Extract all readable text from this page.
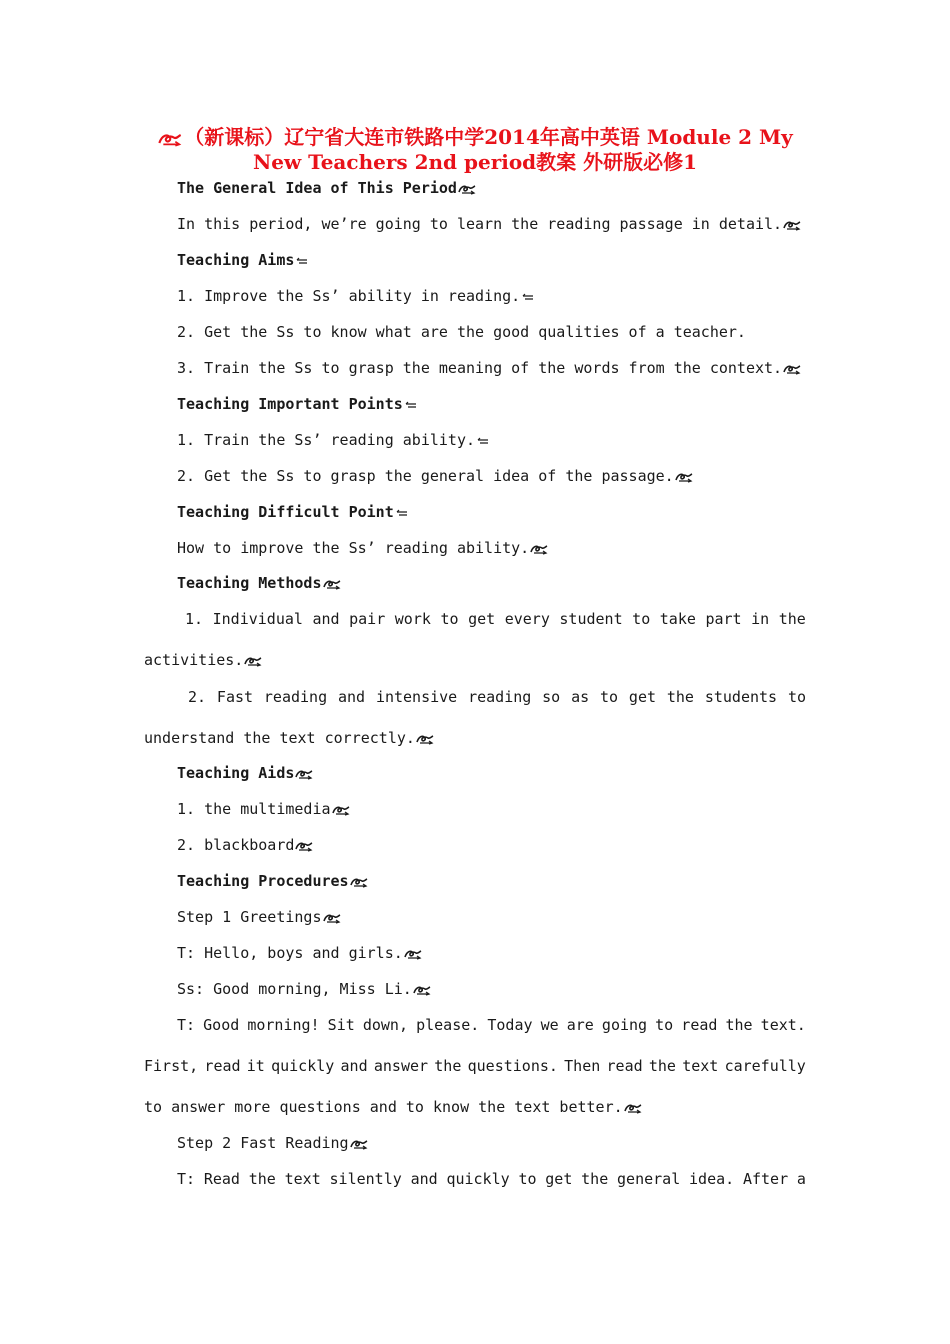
（新课标）辽宁省大连市铁路中学2014年高中英语 Module 2 My
New Teachers 2nd period教案 外研版必修1
The General Idea of This Period
In this period, we’re going to learn the reading passage in detail.
Teaching Aims
1. Improve the Ss’ ability in reading.
2. Get the Ss to know what are the good qualities of a teacher.
3. Train the Ss to grasp the meaning of the words from the context.
Teaching Important Points
1. Train the Ss’ reading ability.
2. Get the Ss to grasp the general idea of the passage.
Teaching Difficult Point
How to improve the Ss’ reading ability.
Teaching Methods
1. Individual and pair work to get every student to take part in the
activities.
2. Fast reading and intensive reading so as to get the students to
understand the text correctly.
Teaching Aids
1. the multimedia
2. blackboard
Teaching Procedures
Step 1 Greetings
T: Hello, boys and girls.
Ss: Good morning, Miss Li.
T: Good morning! Sit down, please. Today we are going to read the text.
First, read it quickly and answer the questions. Then read the text carefully
to answer more questions and to know the text better.
Step 2 Fast Reading
T: Read the text silently and quickly to get the general idea. After a
